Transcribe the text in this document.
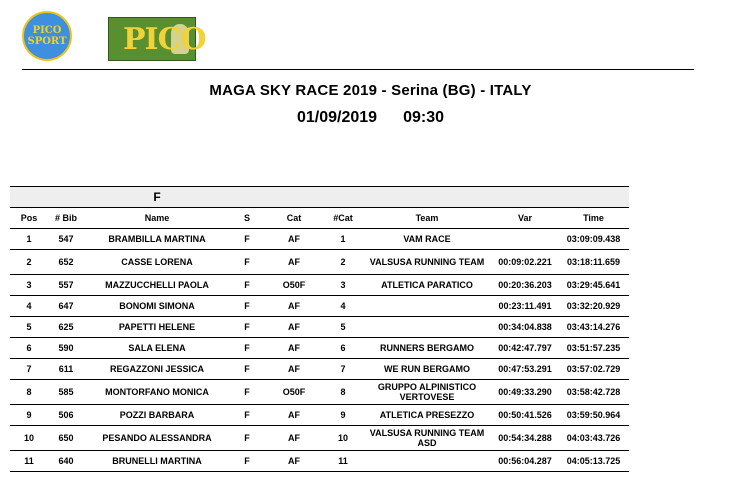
PICO
SPORT PICO
MAGA SKY RACE 2019 - Serina (BG) - ITALY
01/09/2019 09:30
		F						
Pos	# Bib	Name	S	Cat	#Cat	Team	Var	Time
1	547	BRAMBILLA MARTINA	F	AF	1	VAM RACE		03:09:09.438
2	652	CASSE LORENA	F	AF	2	VALSUSA RUNNING TEAM	00:09:02.221	03:18:11.659
3	557	MAZZUCCHELLI PAOLA	F	O50F	3	ATLETICA PARATICO	00:20:36.203	03:29:45.641
4	647	BONOMI SIMONA	F	AF	4		00:23:11.491	03:32:20.929
5	625	PAPETTI HELENE	F	AF	5		00:34:04.838	03:43:14.276
6	590	SALA ELENA	F	AF	6	RUNNERS BERGAMO	00:42:47.797	03:51:57.235
7	611	REGAZZONI JESSICA	F	AF	7	WE RUN BERGAMO	00:47:53.291	03:57:02.729
8	585	MONTORFANO MONICA	F	O50F	8	GRUPPO ALPINISTICO VERTOVESE	00:49:33.290	03:58:42.728
9	506	POZZI BARBARA	F	AF	9	ATLETICA PRESEZZO	00:50:41.526	03:59:50.964
10	650	PESANDO ALESSANDRA	F	AF	10	VALSUSA RUNNING TEAM ASD	00:54:34.288	04:03:43.726
11	640	BRUNELLI MARTINA	F	AF	11		00:56:04.287	04:05:13.725
